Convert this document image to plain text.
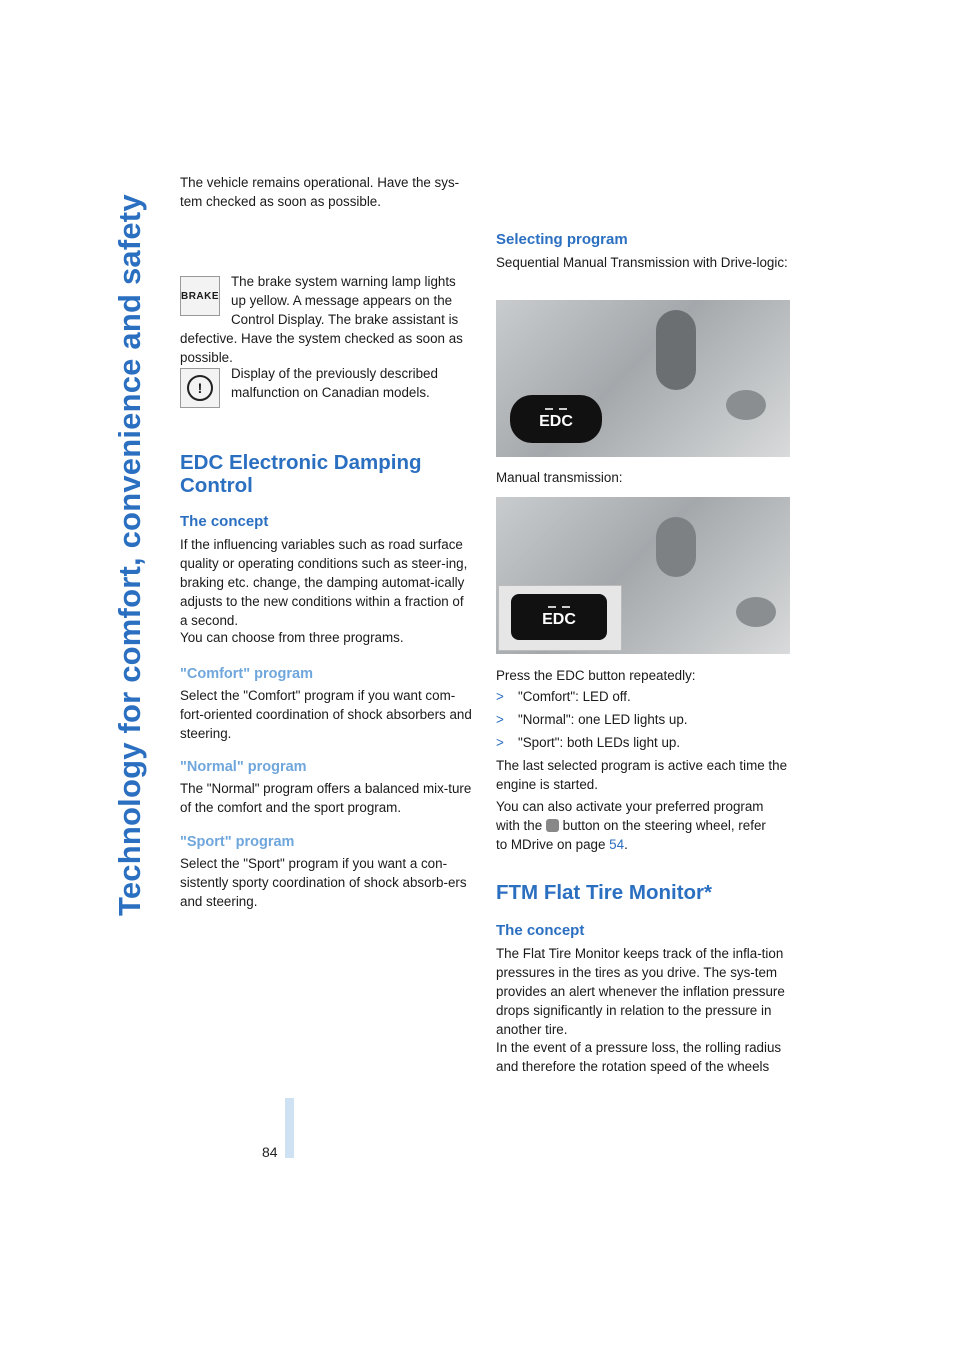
Technology for comfort, convenience and safety
84

The vehicle remains operational. Have the sys-tem checked as soon as possible.

BRAKE
The brake system warning lamp lights
up yellow. A message appears on the
Control Display. The brake assistant is
defective. Have the system checked as soon as possible.
!
Display of the previously described malfunction on Canadian models.
EDC Electronic Damping Control
The concept
If the influencing variables such as road surface quality or operating conditions such as steer-ing, braking etc. change, the damping automat-ically adjusts to the new conditions within a fraction of a second.
You can choose from three programs.
"Comfort" program
Select the "Comfort" program if you want com-fort-oriented coordination of shock absorbers and steering.
"Normal" program
The "Normal" program offers a balanced mix-ture of the comfort and the sport program.
"Sport" program
Select the "Sport" program if you want a con-sistently sporty coordination of shock absorb-ers and steering.
Selecting program
Sequential Manual Transmission with Drive-logic:
EDC
Manual transmission:
EDC
Press the EDC button repeatedly:
> "Comfort": LED off.
> "Normal": one LED lights up.
> "Sport": both LEDs light up.
The last selected program is active each time the engine is started.
You can also activate your preferred program
with the button on the steering wheel, refer
to MDrive on page 54.
FTM Flat Tire Monitor*
The concept
The Flat Tire Monitor keeps track of the infla-tion pressures in the tires as you drive. The sys-tem provides an alert whenever the inflation pressure drops significantly in relation to the pressure in another tire.
In the event of a pressure loss, the rolling radius and therefore the rotation speed of the wheels
